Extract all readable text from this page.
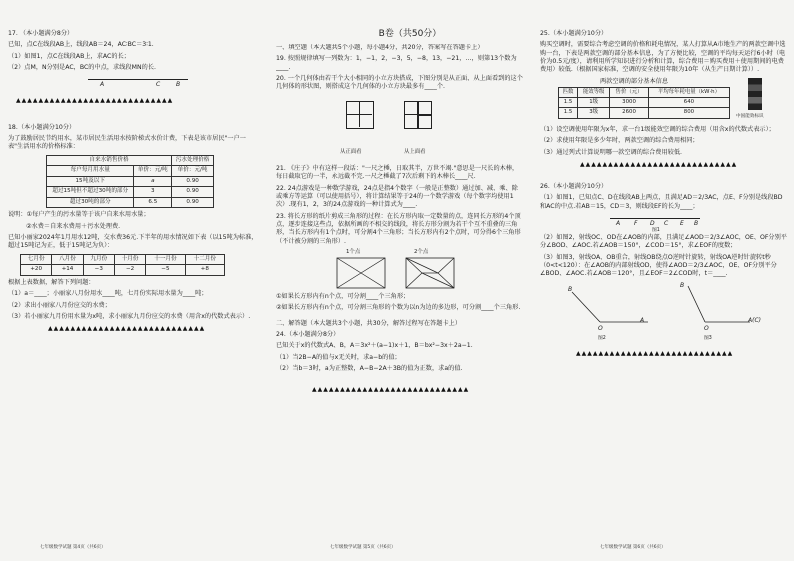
17. （本小题满分8分）

已知，点C在线段AB上，线段AB＝24，AC∶BC＝3∶1.

（1）如图1，点C在线段AB上，求AC的长；

（2）点M，N分别是AC，BC的中点，求线段MN的长.

A	C	B

▲▲▲▲▲▲▲▲▲▲▲▲▲▲▲▲▲▲▲▲▲▲▲▲▲▲▲▲

18.（本小题满分10分）

为了鼓励居民节约用水，某市居民生活用水按阶梯式水价计费，下表是该市居民"一户一表"生活用水的价格标准：

自来水销售价格		污水处理价格
每户每月用水量	单价：元/吨	单价：元/吨
15吨及以下	a	0.90
超过15吨但不超过30吨的部分	3	0.90
超过30吨的部分	6.5	0.90

说明：①每户产生的污水量等于该户自来水用水量；

②水费＝自来水费用＋污水处理费.

已知小丽家2024年1月用水12吨，交水费36元.下半年的用水情况如下表（以15吨为标准，超过15吨记为正，低于15吨记为负）：

七月份	八月份	九月份	十月份	十一月份	十二月份
+20	+14	−3	−2	−5	+8

根据上表数据，解答下列问题：

（1）a＝____；小丽家八月份用水____吨，七月份实际用水量为____吨；

（2）求出小丽家八月份应交的水费；

（3）若小丽家九月份用水量为x吨，求小丽家九月份应交的水费（用含x的代数式表示）.

▲▲▲▲▲▲▲▲▲▲▲▲▲▲▲▲▲▲▲▲▲▲▲▲▲▲▲▲

七年级数学试题 第4页（共6页）
B卷（共50分）

一、填空题（本大题共5个小题，每小题4分，共20分，答案写在答题卡上）

19. 按照规律填写一列数为：1，−1，2，−3，5，−8，13，−21，…，则第13个数为____.

20. 一个几何体由若干个大小相同的小立方块搭成，下图分别是从正面、从上面看到的这个几何体的形状图，则搭成这个几何体的小立方块最多有____个.

从正面看	从上面看

21. 《庄子》中有这样一段话："一尺之棰，日取其半，万世不竭."意思是一尺长的木棒，每日截取它的一半，永远截不完.一尺之棰截了7次后剩下的木棒长____尺.

22. 24点游戏是一种数学游戏，24点是指4个数字（一般是正整数）通过加、减、乘、除或乘方等运算（可以使用括号），将计算结果等于24的一个数学游戏（每个数字均使用1次）.现有1，2，3的24点游戏的一种计算式为____.

23. 将长方形的纸片剪成三角形的过程：在长方形内取一定数量的点，连同长方形的4个顶点，逐步连接这些点，依据所画的不相交的线段，将长方形分割为若干个互不重叠的三角形，当长方形内有1个点时，可分割4个三角形；当长方形内有2个点时，可分得6个三角形（不计被分割的三角形）.

1个点	2个点

①如果长方形内有n个点，可分割____个三角形；

②如果长方形内有n个点，可分割三角形的个数为以n为边的多边形，可分割____个三角形.

二、解答题（本大题共3个小题，共30分，解答过程写在答题卡上）

24.（本小题满分8分）

已知关于x的代数式A、B，A＝3x²＋(a−1)x＋1，B＝bx²−3x＋2a−1.

（1）当2B−A的值与x无关时，求a−b的值；

（2）当b＝3时，a为正整数，A−B−2A＋3B的值为正数，求a的值.

▲▲▲▲▲▲▲▲▲▲▲▲▲▲▲▲▲▲▲▲▲▲▲▲▲▲▲▲

七年级数学试题 第5页（共6页）

25.（本小题满分10分）

购买空调时，需要综合考虑空调的价格和耗电情况，某人打算从A市地生产的两款空调中选购一台，下表是两款空调的部分基本信息，为了方便比较，空调的平均每天运行6小时（电价为0.5元/度），请利用所学知识进行分析和计算，综合费用＝购买费用＋使用期间的电费费用）较低.（根据国家标准，空调的安全使用年限为10年（从生产日期计算））.

两款空调的部分基本信息

匹数	能效等级	售价（元）	平均每年耗电量（kW·h）
1.5	1级	3000	640
1.5	3级	2600	800
中国能效标识

（1）设空调使用年限为x年，求一台1级能效空调的综合费用（用含x的代数式表示）；

（2）求使用年限是多少年时，两款空调的综合费用相同；

（3）通过列式计算说明哪一款空调的综合费用较低.

▲▲▲▲▲▲▲▲▲▲▲▲▲▲▲▲▲▲▲▲▲▲▲▲▲▲▲▲

26.（本小题满分10分）

（1）如图1，已知点C、D在线段AB上两点，且满足AD＝2/3AC，点E、F分别是线段BD和AC的中点.若AB＝15，CD＝3，则线段EF的长为____；

A F D C E B
图1

（2）如图2，射线OC、OD在∠AOB的内部，且满足∠AOD＝2/3∠AOC，OE、OF分别平分∠BOD、∠AOC.若∠AOB＝150°，∠COD＝15°，求∠EOF的度数；

（3）如图3，射线OA、OB重合，射线OB绕点O逆时针旋转，射线OA逆时针旋转t秒（0<t<120）：在∠AOB的内部射线OD，使得∠AOD＝2/3∠AOC，OE、OF分别平分∠BOD、∠AOC.若∠AOB＝120°，且∠EOF＝2∠COD时，t＝____.

B
O
A
B
O
A(C)
图2	图3

▲▲▲▲▲▲▲▲▲▲▲▲▲▲▲▲▲▲▲▲▲▲▲▲▲▲▲▲

七年级数学试题 第6页（共6页）
